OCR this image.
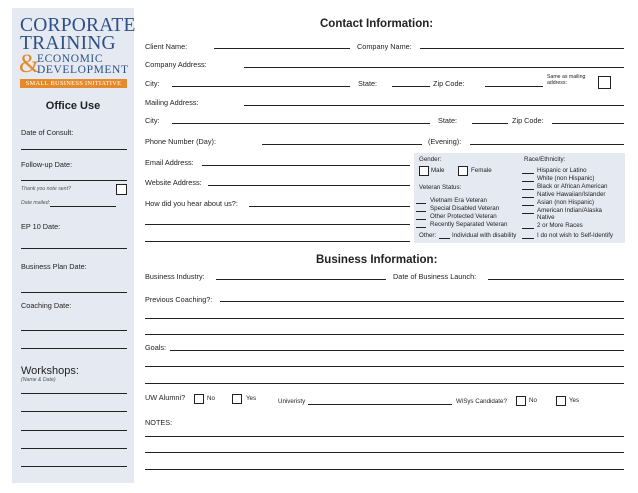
CORPORATE
TRAINING
&
ECONOMIC
DEVELOPMENT
SMALL BUSINESS INITIATIVE
Office Use
Date of Consult:
Follow-up Date:
Thank you note sent?
Date mailed:
EP 10 Date:
Business Plan Date:
Coaching Date:
Workshops:
(Name & Date)
Contact Information:
Client Name:	Company Name:
Company Address:
City:	State:	Zip Code:
Same as mailing address:
Mailing Address:
City:	State:	Zip Code:
Phone Number (Day):	(Evening):
Email Address:
Website Address:
How did you hear about us?:
Gender:
Male	Female
Veteran Status:
Vietnam Era Veteran
Special Disabled Veteran
Other Protected Veteran
Recently Separated Veteran
Other:	Individual with disability
Race/Ethnicity:
Hispanic or Latino
White (non Hispanic)
Black or African American
Native Hawaiian/Islander
Asian (non Hispanic)
American Indian/Alaska
Native
2 or More Races
I do not wish to Self-Identify
Business Information:
Business Industry:	Date of Business Launch:
Previous Coaching?:
Goals:
UW Alumni?	No	Yes	Univeristy	WiSys Candidate?	No	Yes
NOTES:
